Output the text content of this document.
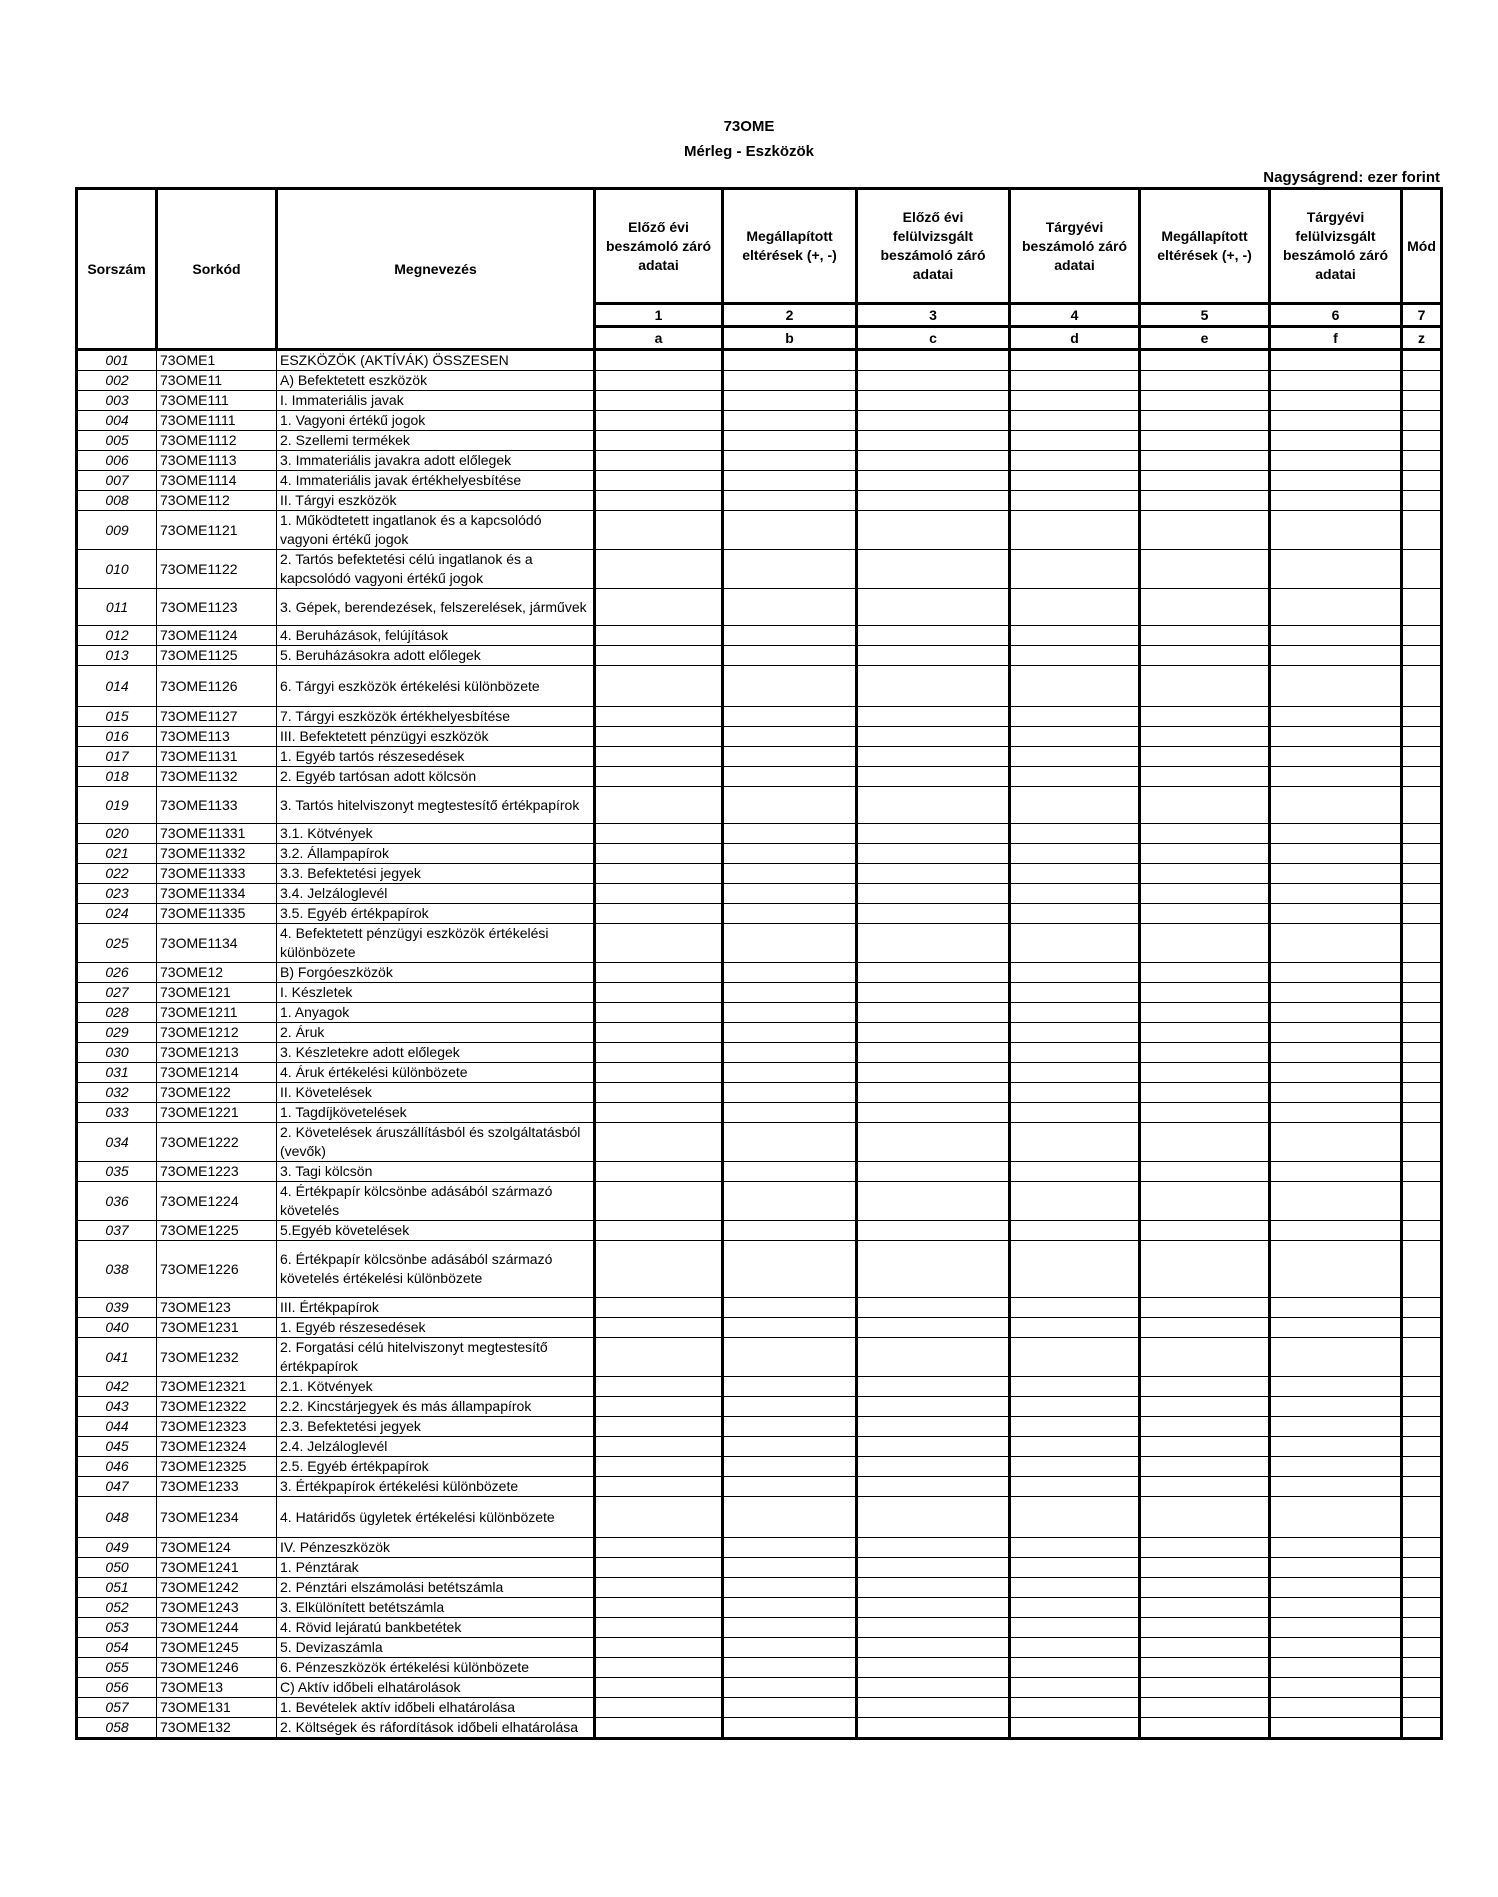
73OME
Mérleg - Eszközök
Nagyságrend: ezer forint
Sorszám	Sorkód	Megnevezés	Előző évi beszámoló záró adatai	Megállapított eltérések (+, -)	Előző évi felülvizsgált beszámoló záró adatai	Tárgyévi beszámoló záró adatai	Megállapított eltérések (+, -)	Tárgyévi felülvizsgált beszámoló záró adatai	Mód
			1	2	3	4	5	6	7
			a	b	c	d	e	f	z
001	73OME1	ESZKÖZÖK (AKTÍVÁK) ÖSSZESEN							
002	73OME11	A) Befektetett eszközök							
003	73OME111	I. Immateriális javak							
004	73OME1111	1. Vagyoni értékű jogok							
005	73OME1112	2. Szellemi termékek							
006	73OME1113	3. Immateriális javakra adott előlegek							
007	73OME1114	4. Immateriális javak értékhelyesbítése							
008	73OME112	II. Tárgyi eszközök							
009	73OME1121	1. Működtetett ingatlanok és a kapcsolódó vagyoni értékű jogok							
010	73OME1122	2. Tartós befektetési célú ingatlanok és a kapcsolódó vagyoni értékű jogok							
011	73OME1123	3. Gépek, berendezések, felszerelések, járművek							
012	73OME1124	4. Beruházások, felújítások							
013	73OME1125	5. Beruházásokra adott előlegek							
014	73OME1126	6. Tárgyi eszközök értékelési különbözete							
015	73OME1127	7. Tárgyi eszközök értékhelyesbítése							
016	73OME113	III. Befektetett pénzügyi eszközök							
017	73OME1131	1. Egyéb tartós részesedések							
018	73OME1132	2. Egyéb tartósan adott kölcsön							
019	73OME1133	3. Tartós hitelviszonyt megtestesítő értékpapírok							
020	73OME11331	3.1. Kötvények							
021	73OME11332	3.2. Állampapírok							
022	73OME11333	3.3. Befektetési jegyek							
023	73OME11334	3.4. Jelzáloglevél							
024	73OME11335	3.5. Egyéb értékpapírok							
025	73OME1134	4. Befektetett pénzügyi eszközök értékelési különbözete							
026	73OME12	B) Forgóeszközök							
027	73OME121	I. Készletek							
028	73OME1211	1. Anyagok							
029	73OME1212	2. Áruk							
030	73OME1213	3. Készletekre adott előlegek							
031	73OME1214	4. Áruk értékelési különbözete							
032	73OME122	II. Követelések							
033	73OME1221	1. Tagdíjkövetelések							
034	73OME1222	2. Követelések áruszállításból és szolgáltatásból (vevők)							
035	73OME1223	3. Tagi kölcsön							
036	73OME1224	4. Értékpapír kölcsönbe adásából származó követelés							
037	73OME1225	5.Egyéb követelések							
038	73OME1226	6. Értékpapír kölcsönbe adásából származó követelés értékelési különbözete							
039	73OME123	III. Értékpapírok							
040	73OME1231	1. Egyéb részesedések							
041	73OME1232	2. Forgatási célú hitelviszonyt megtestesítő értékpapírok							
042	73OME12321	2.1. Kötvények							
043	73OME12322	2.2. Kincstárjegyek és más állampapírok							
044	73OME12323	2.3. Befektetési jegyek							
045	73OME12324	2.4. Jelzáloglevél							
046	73OME12325	2.5. Egyéb értékpapírok							
047	73OME1233	3. Értékpapírok értékelési különbözete							
048	73OME1234	4. Határidős ügyletek értékelési különbözete							
049	73OME124	IV. Pénzeszközök							
050	73OME1241	1. Pénztárak							
051	73OME1242	2. Pénztári elszámolási betétszámla							
052	73OME1243	3. Elkülönített betétszámla							
053	73OME1244	4. Rövid lejáratú bankbetétek							
054	73OME1245	5. Devizaszámla							
055	73OME1246	6. Pénzeszközök értékelési különbözete							
056	73OME13	C) Aktív időbeli elhatárolások							
057	73OME131	1. Bevételek aktív időbeli elhatárolása							
058	73OME132	2. Költségek és ráfordítások időbeli elhatárolása							
